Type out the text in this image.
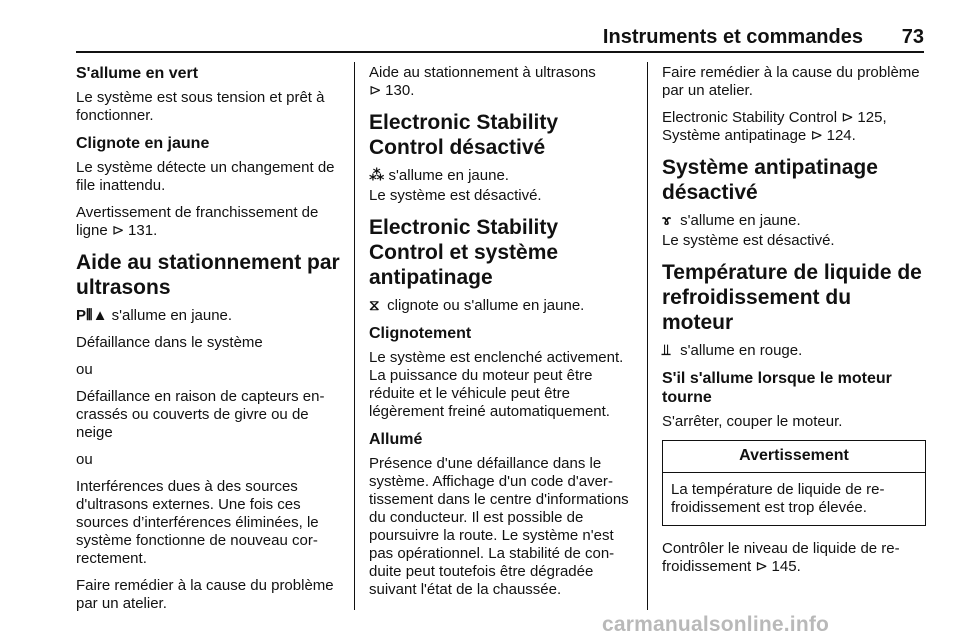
Instruments et commandes 73
S'allume en vert

Le système est sous tension et prêt à fonctionner.

Clignote en jaune

Le système détecte un changement de file inattendu.

Avertissement de franchissement de ligne ⊳ 131.

Aide au stationnement par ultrasons

P⦀▲ s'allume en jaune.

Défaillance dans le système

ou

Défaillance en raison de capteurs encrassés ou couverts de givre ou de neige

ou

Interférences dues à des sources d'ultrasons externes. Une fois ces sources d’interférences éliminées, le système fonctionne de nouveau correctement.

Faire remédier à la cause du problème par un atelier.

Aide au stationnement à ultrasons
⊳ 130.

Electronic Stability Control désactivé

⁂ s'allume en jaune.

Le système est désactivé.

Electronic Stability Control et système antipatinage

⧖ clignote ou s'allume en jaune.

Clignotement

Le système est enclenché activement. La puissance du moteur peut être réduite et le véhicule peut être légèrement freiné automatiquement.

Allumé

Présence d'une défaillance dans le système. Affichage d'un code d'avertissement dans le centre d'informations du conducteur. Il est possible de poursuivre la route. Le système n'est pas opérationnel. La stabilité de conduite peut toutefois être dégradée suivant l'état de la chaussée.

Faire remédier à la cause du problème par un atelier.

Electronic Stability Control ⊳ 125,
Système antipatinage ⊳ 124.

Système antipatinage désactivé

ɤ s'allume en jaune.

Le système est désactivé.

Température de liquide de refroidissement du moteur

⫫ s'allume en rouge.

S'il s'allume lorsque le moteur tourne

S'arrêter, couper le moteur.

Avertissement
La température de liquide de refroidissement est trop élevée.

Contrôler le niveau de liquide de refroidissement ⊳ 145.

carmanualsonline.info
